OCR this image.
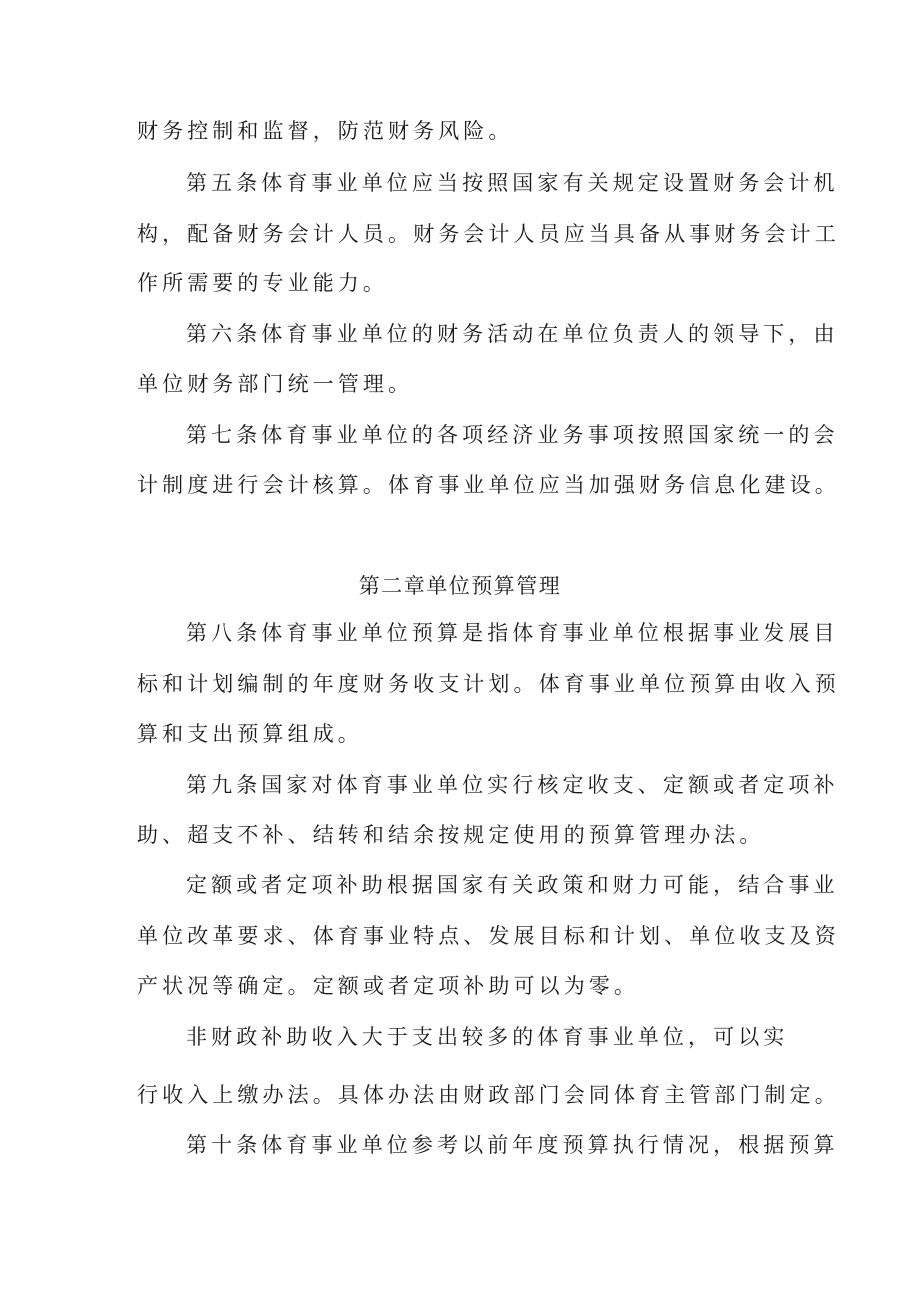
财务控制和监督，防范财务风险。
第五条体育事业单位应当按照国家有关规定设置财务会计机
构，配备财务会计人员。财务会计人员应当具备从事财务会计工
作所需要的专业能力。
第六条体育事业单位的财务活动在单位负责人的领导下，由
单位财务部门统一管理。
第七条体育事业单位的各项经济业务事项按照国家统一的会
计制度进行会计核算。体育事业单位应当加强财务信息化建设。
第二章单位预算管理
第八条体育事业单位预算是指体育事业单位根据事业发展目
标和计划编制的年度财务收支计划。体育事业单位预算由收入预
算和支出预算组成。
第九条国家对体育事业单位实行核定收支、定额或者定项补
助、超支不补、结转和结余按规定使用的预算管理办法。
定额或者定项补助根据国家有关政策和财力可能，结合事业
单位改革要求、体育事业特点、发展目标和计划、单位收支及资
产状况等确定。定额或者定项补助可以为零。
非财政补助收入大于支出较多的体育事业单位，可以实
行收入上缴办法。具体办法由财政部门会同体育主管部门制定。
第十条体育事业单位参考以前年度预算执行情况，根据预算
